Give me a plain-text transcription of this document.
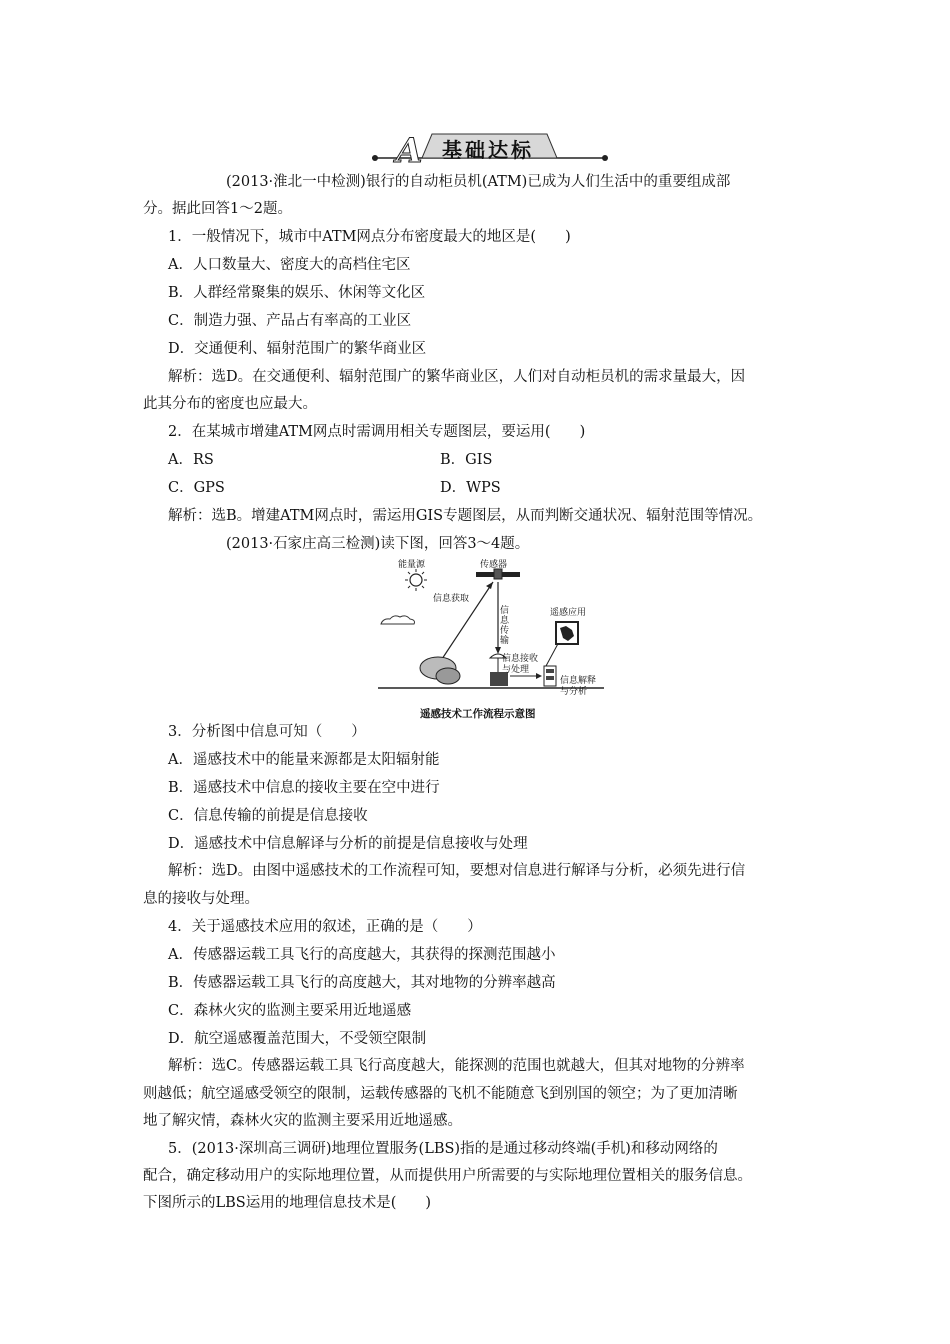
A 基础达标
(2013·淮北一中检测)银行的自动柜员机(ATM)已成为人们生活中的重要组成部
分。据此回答1～2题。
1．一般情况下，城市中ATM网点分布密度最大的地区是(　　)
A．人口数量大、密度大的高档住宅区
B．人群经常聚集的娱乐、休闲等文化区
C．制造力强、产品占有率高的工业区
D．交通便利、辐射范围广的繁华商业区
解析：选D。在交通便利、辐射范围广的繁华商业区，人们对自动柜员机的需求量最大，因
此其分布的密度也应最大。
2．在某城市增建ATM网点时需调用相关专题图层，要运用(　　)
A．RS	B．GIS
C．GPS	D．WPS
解析：选B。增建ATM网点时，需运用GIS专题图层，从而判断交通状况、辐射范围等情况。
(2013·石家庄高三检测)读下图，回答3～4题。
能量源	传感器
信息获取
信息传输
遥感应用
信息接收与处理
信息解释与分析
遥感技术工作流程示意图
3．分析图中信息可知（　　）
A．遥感技术中的能量来源都是太阳辐射能
B．遥感技术中信息的接收主要在空中进行
C．信息传输的前提是信息接收
D．遥感技术中信息解译与分析的前提是信息接收与处理
解析：选D。由图中遥感技术的工作流程可知，要想对信息进行解译与分析，必须先进行信
息的接收与处理。
4．关于遥感技术应用的叙述，正确的是（　　）
A．传感器运载工具飞行的高度越大，其获得的探测范围越小
B．传感器运载工具飞行的高度越大，其对地物的分辨率越高
C．森林火灾的监测主要采用近地遥感
D．航空遥感覆盖范围大，不受领空限制
解析：选C。传感器运载工具飞行高度越大，能探测的范围也就越大，但其对地物的分辨率
则越低；航空遥感受领空的限制，运载传感器的飞机不能随意飞到别国的领空；为了更加清晰
地了解灾情，森林火灾的监测主要采用近地遥感。
5．(2013·深圳高三调研)地理位置服务(LBS)指的是通过移动终端(手机)和移动网络的
配合，确定移动用户的实际地理位置，从而提供用户所需要的与实际地理位置相关的服务信息。
下图所示的LBS运用的地理信息技术是(　　)
